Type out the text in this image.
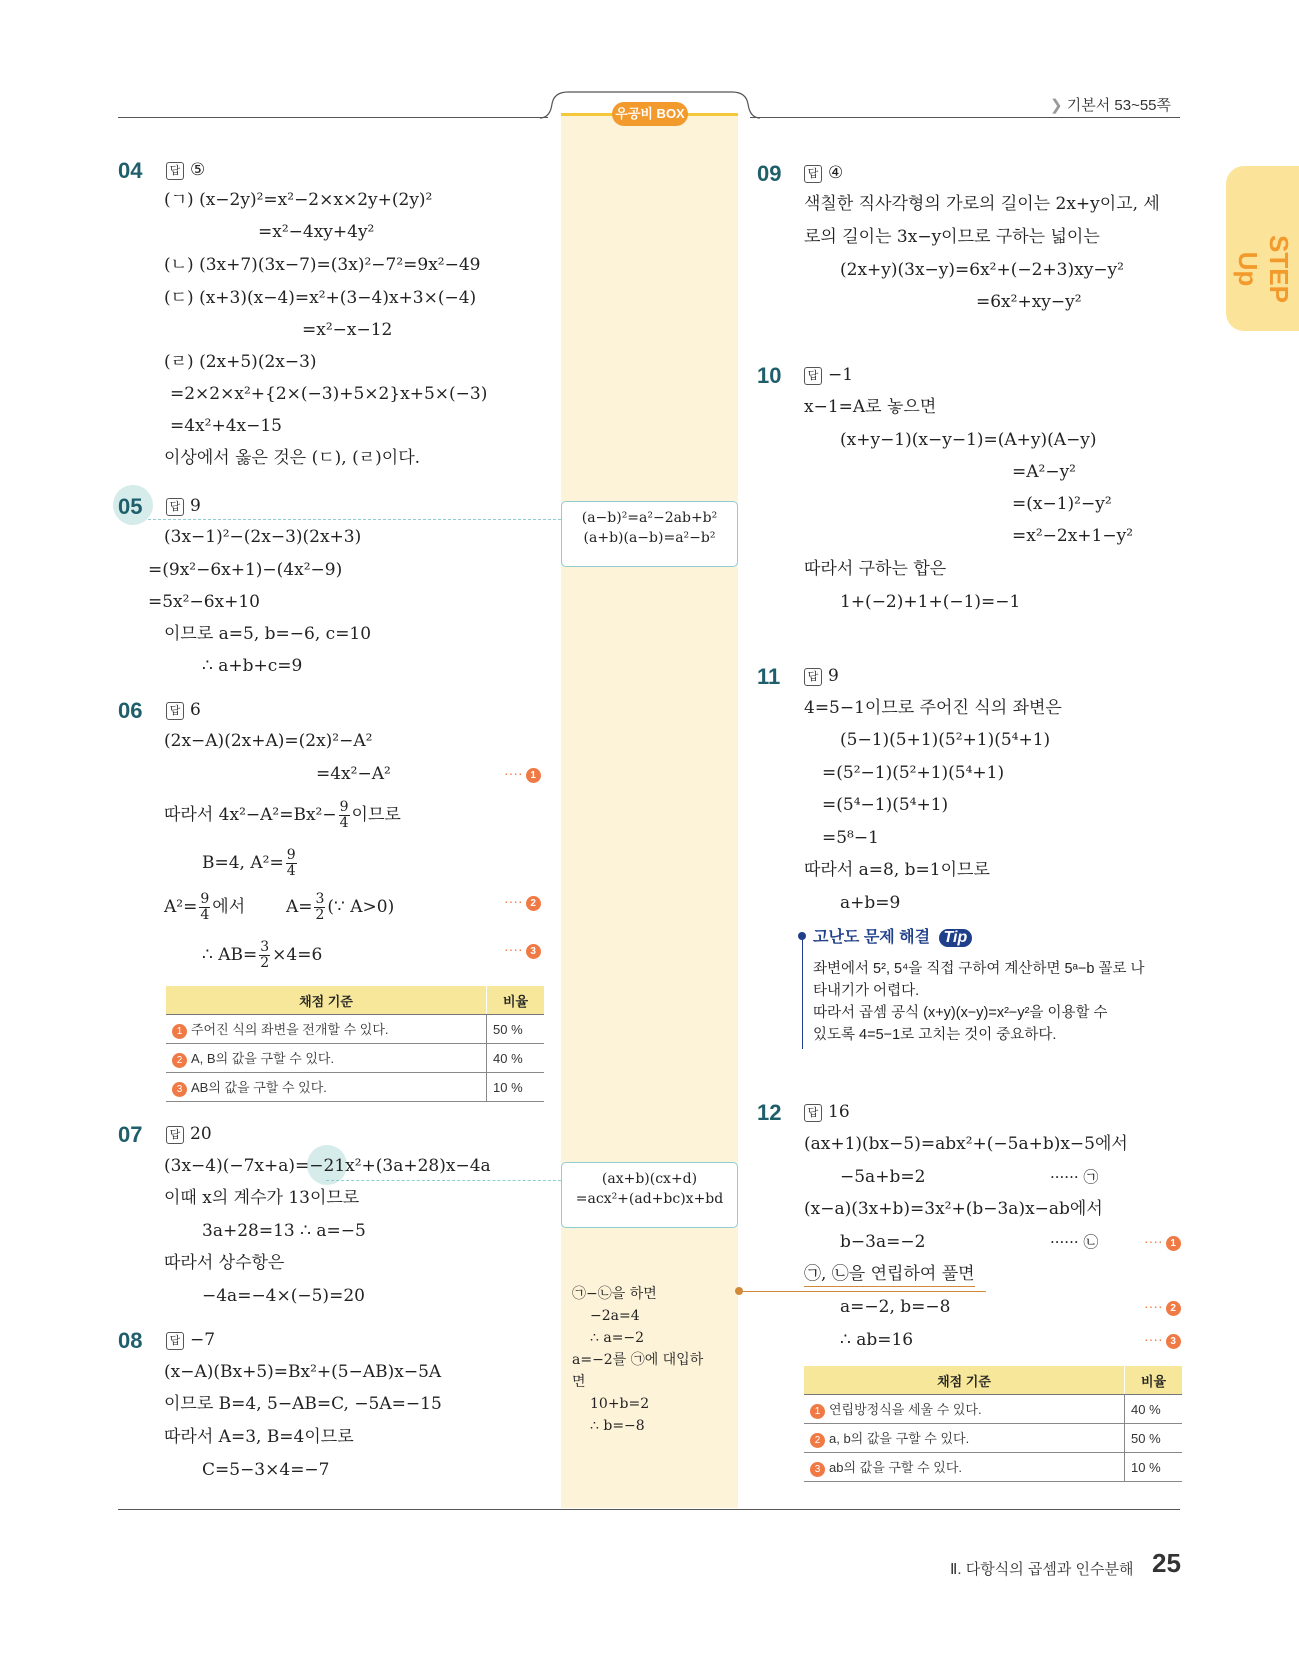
우공비 BOX	❯ 기본서 53~55쪽
STEP Up
04	답 ⑤
(ㄱ) (x−2y)²=x²−2×x×2y+(2y)²
=x²−4xy+4y²
(ㄴ) (3x+7)(3x−7)=(3x)²−7²=9x²−49
(ㄷ) (x+3)(x−4)=x²+(3−4)x+3×(−4)
=x²−x−12
(ㄹ) (2x+5)(2x−3)
=2×2×x²+{2×(−3)+5×2}x+5×(−3)
=4x²+4x−15
이상에서 옳은 것은 (ㄷ), (ㄹ)이다.
05	답 9
(3x−1)²−(2x−3)(2x+3)
=(9x²−6x+1)−(4x²−9)
=5x²−6x+10
이므로 a=5, b=−6, c=10
∴ a+b+c=9
06	답 6
(2x−A)(2x+A)=(2x)²−A²
=4x²−A²	···· 1
따라서 $4x^2-A^2=Bx^2- \frac{9}{4}$ 이므로
B=4, $A^2= \frac{9}{4}$
$A^2= \frac{9}{4}$ 에서 $A= \frac{3}{2}$ (∵ A>0)	···· 2
∴ $AB= \frac{3}{2} \times 4=6$	···· 3
채점 기준	비율
1 주어진 식의 좌변을 전개할 수 있다.	50 %
2 A, B의 값을 구할 수 있다.	40 %
3 AB의 값을 구할 수 있다.	10 %
07	답 20
(3x−4)(−7x+a)=−21x²+(3a+28)x−4a
이때 x의 계수가 13이므로
3a+28=13 ∴ a=−5
따라서 상수항은
−4a=−4×(−5)=20
08	답 −7
(x−A)(Bx+5)=Bx²+(5−AB)x−5A
이므로 B=4, 5−AB=C, −5A=−15
따라서 A=3, B=4이므로
C=5−3×4=−7
(a−b)²=a²−2ab+b²
(a+b)(a−b)=a²−b²
(ax+b)(cx+d)
=acx²+(ad+bc)x+bd
㉠−㉡을 하면
−2a=4
∴ a=−2
a=−2를 ㉠에 대입하
면
10+b=2
∴ b=−8
09	답 ④
색칠한 직사각형의 가로의 길이는 2x+y이고, 세
로의 길이는 3x−y이므로 구하는 넓이는
(2x+y)(3x−y)=6x²+(−2+3)xy−y²
=6x²+xy−y²
10	답 −1
x−1=A로 놓으면
(x+y−1)(x−y−1)=(A+y)(A−y)
=A²−y²
=(x−1)²−y²
=x²−2x+1−y²
따라서 구하는 합은
1+(−2)+1+(−1)=−1
11	답 9
4=5−1이므로 주어진 식의 좌변은
(5−1)(5+1)(5²+1)(5⁴+1)
=(5²−1)(5²+1)(5⁴+1)
=(5⁴−1)(5⁴+1)
=5⁸−1
따라서 a=8, b=1이므로
a+b=9
고난도 문제 해결 Tip
좌변에서 5², 5⁴을 직접 구하여 계산하면 5ᵃ−b 꼴로 나
타내기가 어렵다.
따라서 곱셈 공식 (x+y)(x−y)=x²−y²을 이용할 수
있도록 4=5−1로 고치는 것이 중요하다.
12	답 16
(ax+1)(bx−5)=abx²+(−5a+b)x−5에서
−5a+b=2	······ ㉠
(x−a)(3x+b)=3x²+(b−3a)x−ab에서
b−3a=−2	······ ㉡	···· 1
㉠, ㉡을 연립하여 풀면
a=−2, b=−8	···· 2
∴ ab=16	···· 3
채점 기준	비율
1 연립방정식을 세울 수 있다.	40 %
2 a, b의 값을 구할 수 있다.	50 %
3 ab의 값을 구할 수 있다.	10 %
Ⅱ. 다항식의 곱셈과 인수분해 25
